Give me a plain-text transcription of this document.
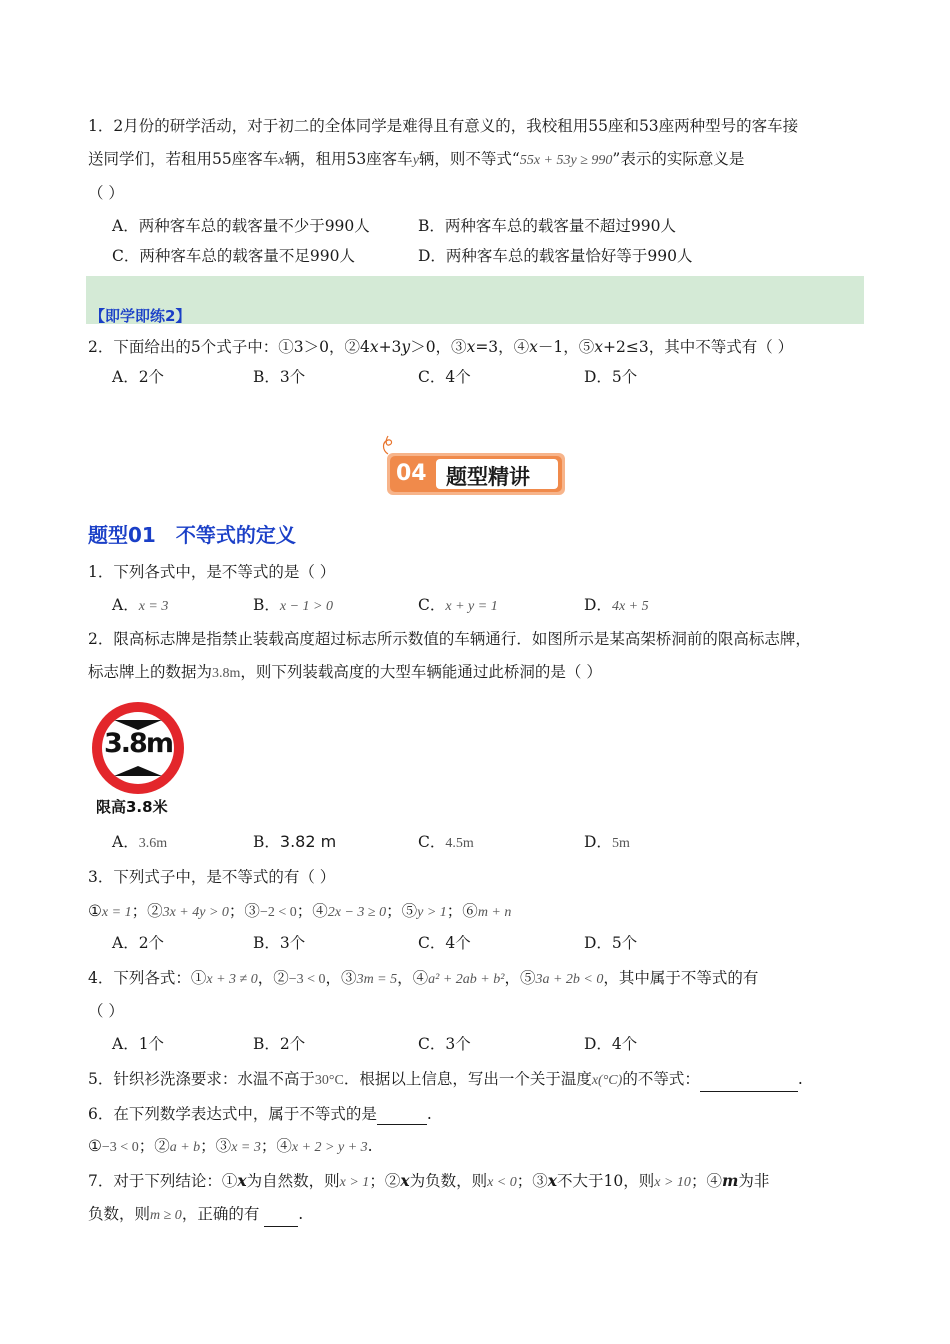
1．2月份的研学活动，对于初二的全体同学是难得且有意义的，我校租用55座和53座两种型号的客车接
送同学们，若租用55座客车x辆，租用53座客车y辆，则不等式“55x + 53y ≥ 990”表示的实际意义是
（ ）
A．两种客车总的载客量不少于990人	B．两种客车总的载客量不超过990人
C．两种客车总的载客量不足990人	D．两种客车总的载客量恰好等于990人
【即学即练2】
2．下面给出的5个式子中：①3＞0，②4x+3y＞0，③x=3，④x－1，⑤x+2≤3，其中不等式有（ ）
A．2个	B．3个	C．4个	D．5个
04 题型精讲
题型01　不等式的定义
1．下列各式中，是不等式的是（ ）
A．x = 3	B．x − 1 > 0	C．x + y = 1	D．4x + 5
2．限高标志牌是指禁止装载高度超过标志所示数值的车辆通行．如图所示是某高架桥洞前的限高标志牌，
标志牌上的数据为3.8m，则下列装载高度的大型车辆能通过此桥洞的是（ ）
3.8m
限高3.8米
A．3.6m	B．3.82 m	C．4.5m	D．5m
3．下列式子中，是不等式的有（ ）
①x = 1；②3x + 4y > 0；③−2 < 0；④2x − 3 ≥ 0；⑤y > 1；⑥m + n
A．2个	B．3个	C．4个	D．5个
4．下列各式：①x + 3 ≠ 0，②−3 < 0，③3m = 5，④a² + 2ab + b²，⑤3a + 2b < 0，其中属于不等式的有
（ ）
A．1个	B．2个	C．3个	D．4个
5．针织衫洗涤要求：水温不高于30°C．根据以上信息，写出一个关于温度x(°C)的不等式：	.
6．在下列数学表达式中，属于不等式的是	.
①−3 < 0；②a + b；③x = 3；④x + 2 > y + 3.
7．对于下列结论：①x为自然数，则x > 1；②x为负数，则x < 0；③x不大于10，则x > 10；④m为非
负数，则m ≥ 0，正确的有	.
